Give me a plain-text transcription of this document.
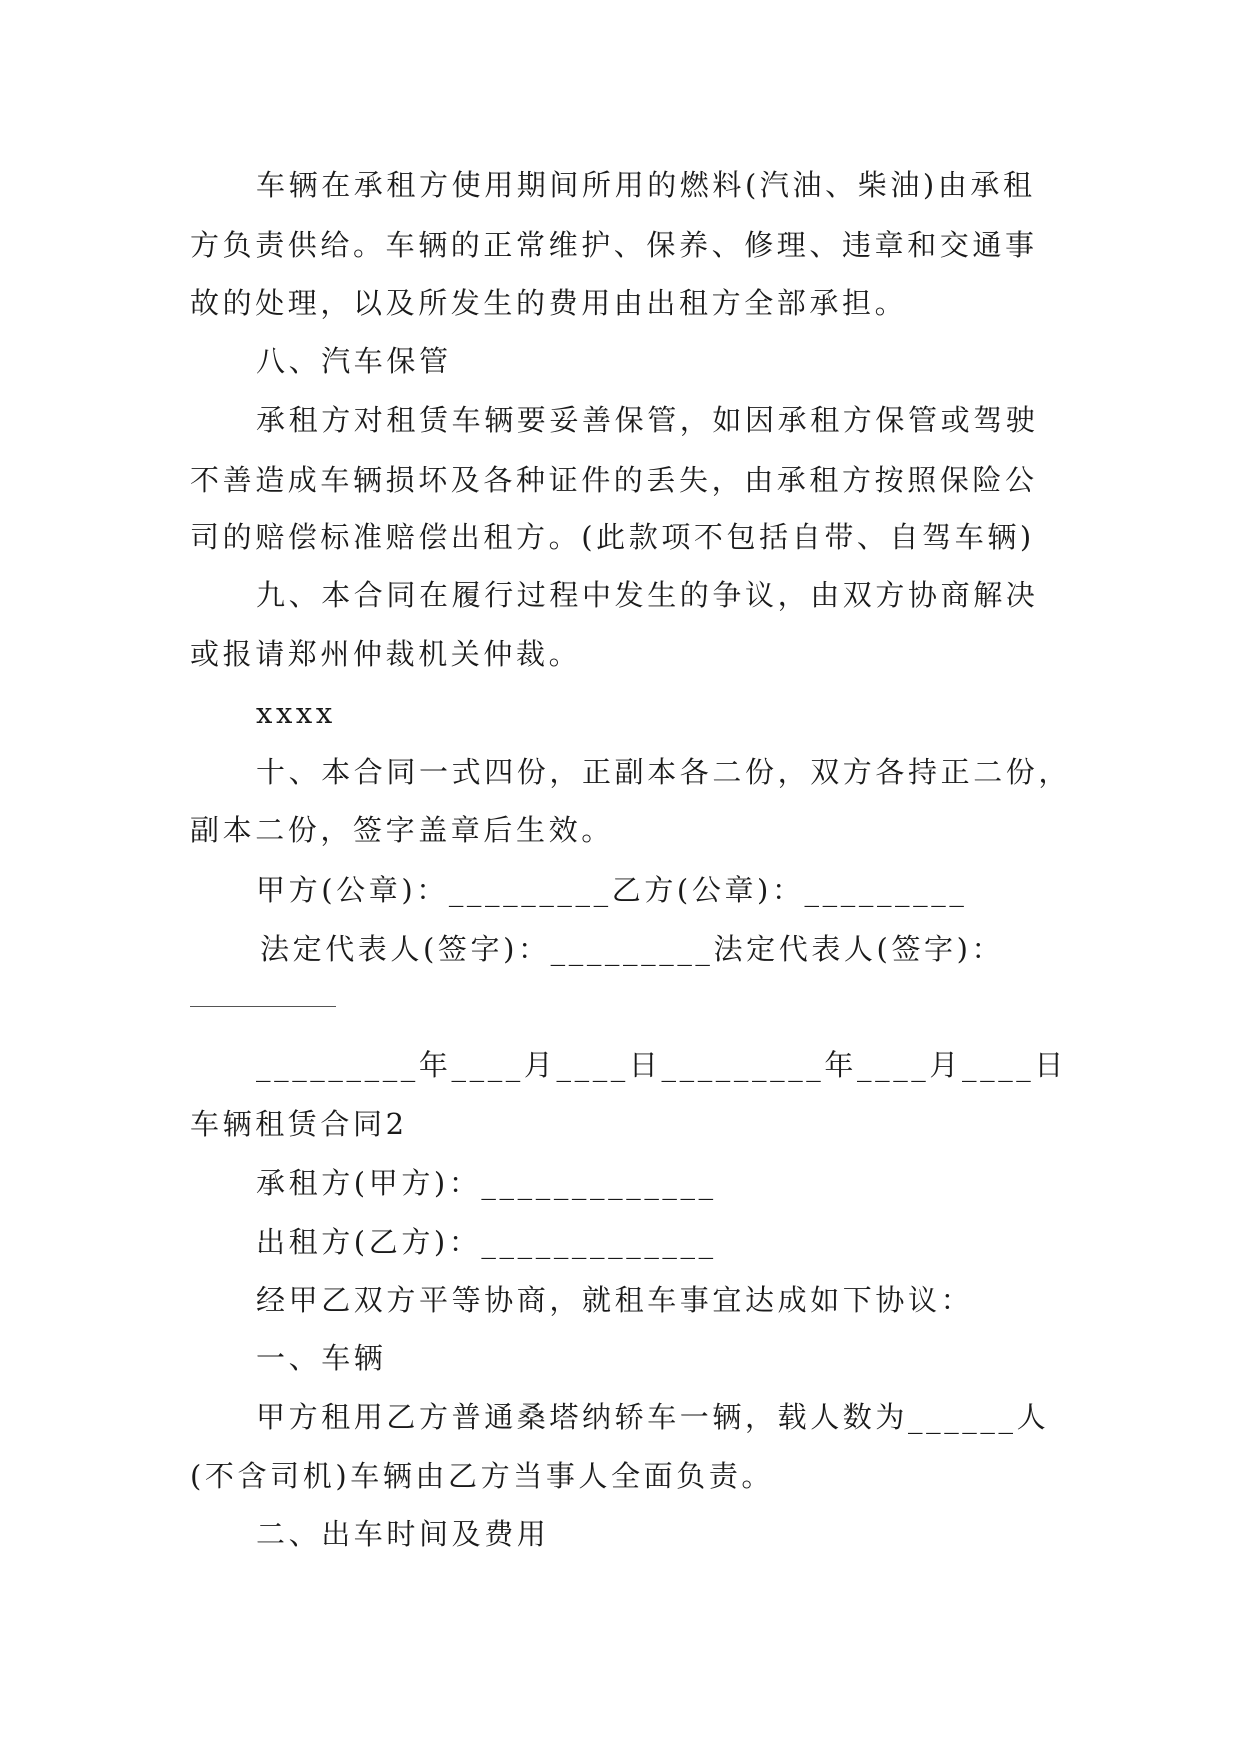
车辆在承租方使用期间所用的燃料(汽油、柴油)由承租
方负责供给。车辆的正常维护、保养、修理、违章和交通事
故的处理，以及所发生的费用由出租方全部承担。
八、汽车保管
承租方对租赁车辆要妥善保管，如因承租方保管或驾驶
不善造成车辆损坏及各种证件的丢失，由承租方按照保险公
司的赔偿标准赔偿出租方。(此款项不包括自带、自驾车辆)
九、本合同在履行过程中发生的争议，由双方协商解决
或报请郑州仲裁机关仲裁。
xxxx
十、本合同一式四份，正副本各二份，双方各持正二份，
副本二份，签字盖章后生效。
甲方(公章)：_________乙方(公章)：_________
法定代表人(签字)：_________法定代表人(签字)：
_________年____月____日_________年____月____日
车辆租赁合同2
承租方(甲方)：_____________
出租方(乙方)：_____________
经甲乙双方平等协商，就租车事宜达成如下协议：
一、车辆
甲方租用乙方普通桑塔纳轿车一辆，载人数为______人
(不含司机)车辆由乙方当事人全面负责。
二、出车时间及费用
